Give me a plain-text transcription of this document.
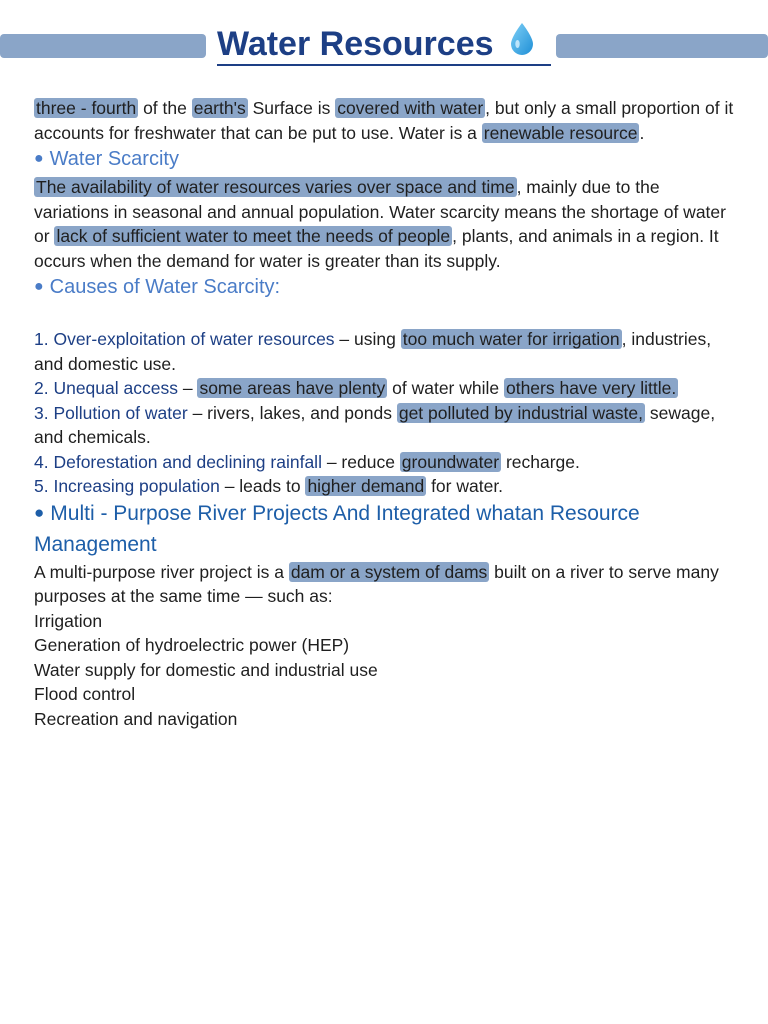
Water Resources

three - fourth of the earth's Surface is covered with water , but only a small proportion of it accounts for freshwater that can be put to use. Water is a renewable resource .

● Water Scarcity

The availability of water resources varies over space and time , mainly due to the variations in seasonal and annual population. Water scarcity means the shortage of water or lack of sufficient water to meet the needs of people , plants, and animals in a region. It occurs when the demand for water is greater than its supply.

● Causes of Water Scarcity:

1. Over-exploitation of water resources – using too much water for irrigation , industries, and domestic use.

2. Unequal access – some areas have plenty of water while others have very little.

3. Pollution of water – rivers, lakes, and ponds get polluted by industrial waste, sewage, and chemicals.

4. Deforestation and declining rainfall – reduce groundwater recharge.

5. Increasing population – leads to higher demand for water.

● Multi - Purpose River Projects And Integrated whatan Resource Management

A multi-purpose river project is a dam or a system of dams built on a river to serve many purposes at the same time — such as:

Irrigation

Generation of hydroelectric power (HEP)

Water supply for domestic and industrial use

Flood control

Recreation and navigation
